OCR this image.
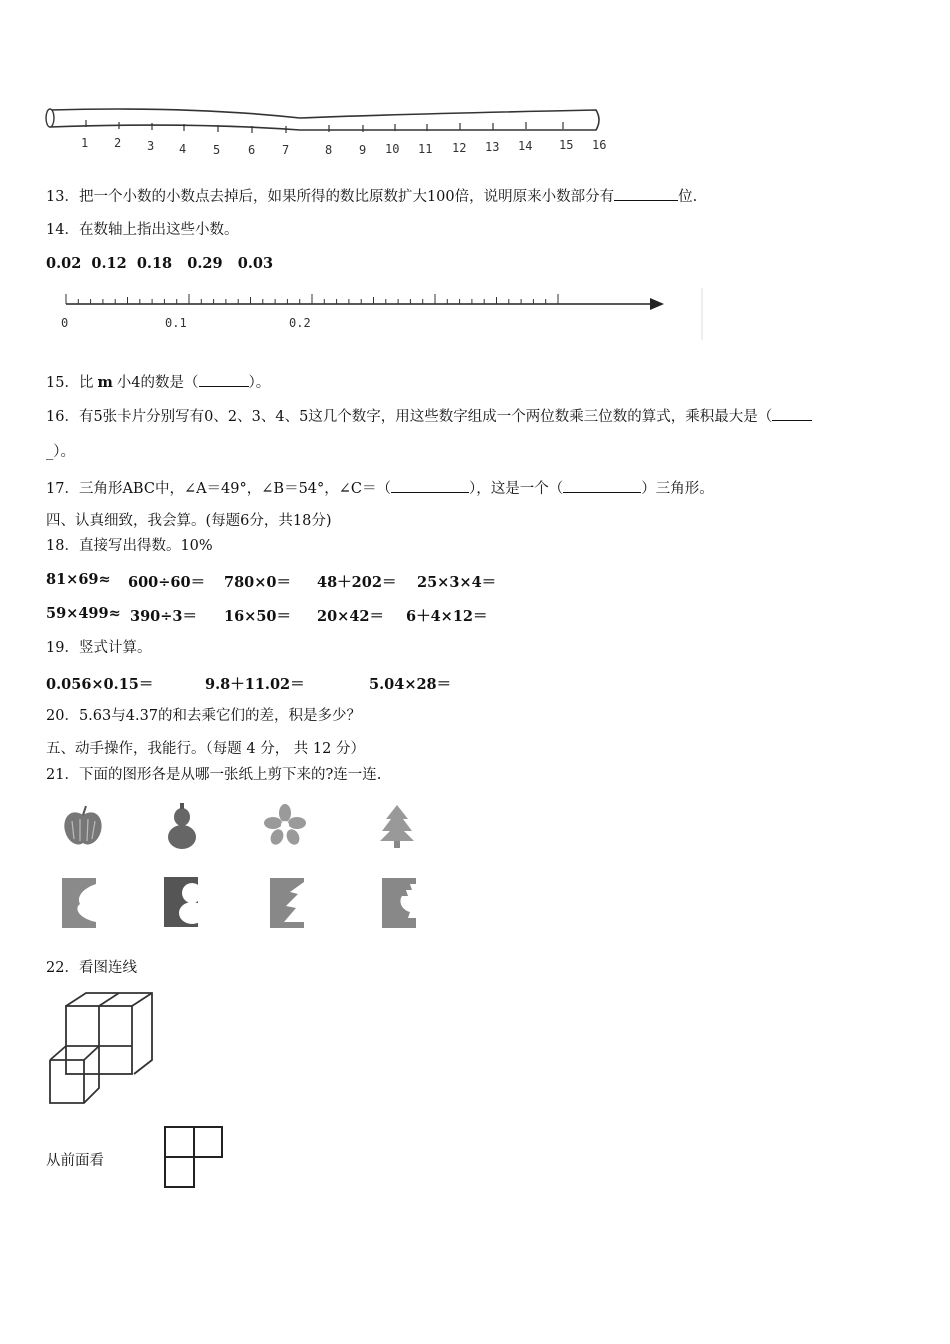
1 2 3 4 5 6 7	8 9 10 11 12 13 14 15 16
13．把一个小数的小数点去掉后，如果所得的数比原数扩大100倍，说明原来小数部分有	位.
14．在数轴上指出这些小数。
0.02  0.12  0.18   0.29   0.03
0	0.1	0.2
15．比 m 小4的数是（	）。
16．有5张卡片分别写有0、2、3、4、5这几个数字，用这些数字组成一个两位数乘三位数的算式，乘积最大是（
_）。
17．三角形ABC中，∠A＝49°，∠B＝54°，∠C＝（	），这是一个（	）三角形。
四、认真细致，我会算。(每题6分，共18分)
18．直接写出得数。10%
81×69≈ 600÷60＝ 780×0＝ 48＋202＝ 25×3×4＝
59×499≈ 390÷3＝ 16×50＝ 20×42＝ 6＋4×12＝
19．竖式计算。
0.056×0.15＝	9.8＋11.02＝	5.04×28＝
20．5.63与4.37的和去乘它们的差，积是多少？
五、动手操作，我能行。（每题 4 分， 共 12 分）
21．下面的图形各是从哪一张纸上剪下来的?连一连.
22．看图连线
从前面看
